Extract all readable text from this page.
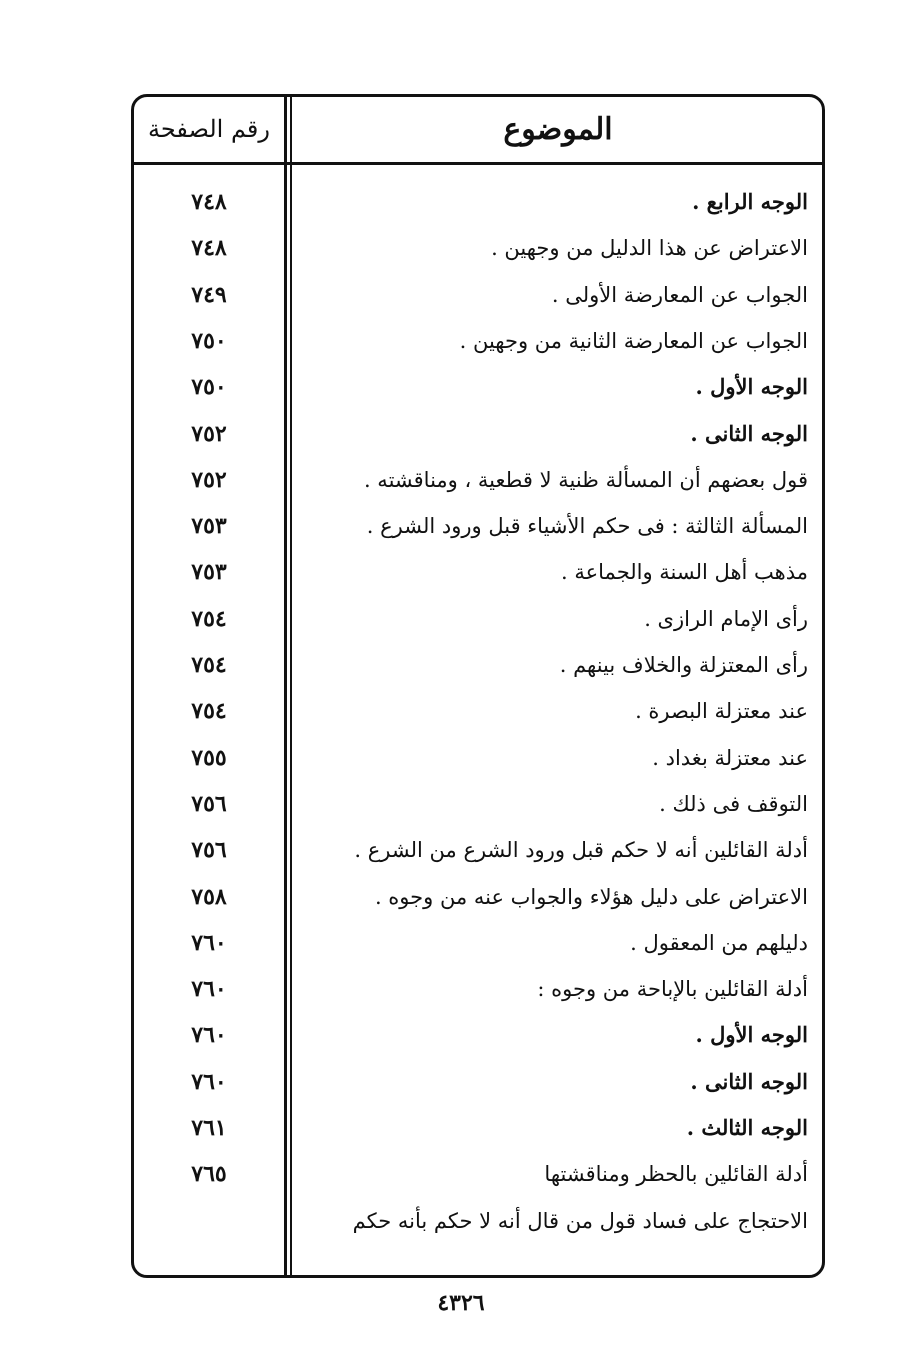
الموضوع
رقم الصفحة
الوجه الرابع .
٧٤٨
الاعتراض عن هذا الدليل من وجهين .
٧٤٨
الجواب عن المعارضة الأولى .
٧٤٩
الجواب عن المعارضة الثانية من وجهين .
٧٥٠
الوجه الأول .
٧٥٠
الوجه الثانى .
٧٥٢
قول بعضهم أن المسألة ظنية لا قطعية ، ومناقشته .
٧٥٢
المسألة الثالثة : فى حكم الأشياء قبل ورود الشرع .
٧٥٣
مذهب أهل السنة والجماعة .
٧٥٣
رأى الإمام الرازى .
٧٥٤
رأى المعتزلة والخلاف بينهم .
٧٥٤
عند معتزلة البصرة .
٧٥٤
عند معتزلة بغداد .
٧٥٥
التوقف فى ذلك .
٧٥٦
أدلة القائلين أنه لا حكم قبل ورود الشرع من الشرع .
٧٥٦
الاعتراض على دليل هؤلاء والجواب عنه من وجوه .
٧٥٨
دليلهم من المعقول .
٧٦٠
أدلة القائلين بالإباحة من وجوه :
٧٦٠
الوجه الأول .
٧٦٠
الوجه الثانى .
٧٦٠
الوجه الثالث .
٧٦١
أدلة القائلين بالحظر ومناقشتها
٧٦٥
الاحتجاج على فساد قول من قال أنه لا حكم بأنه حكم
٤٣٢٦
